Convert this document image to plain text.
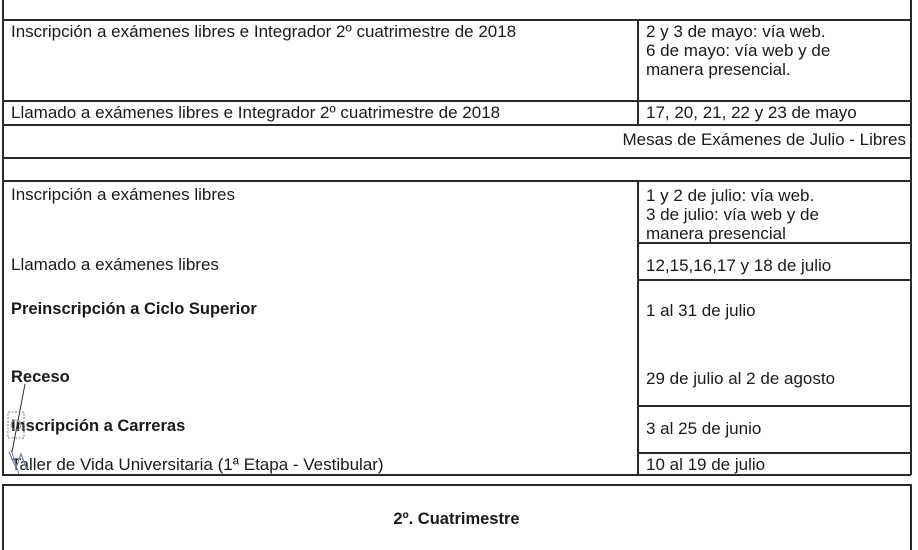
Inscripción a exámenes libres e Integrador 2º cuatrimestre de 2018	2 y 3 de mayo: vía web.
6 de mayo: vía web y de
manera presencial.
Llamado a exámenes libres e Integrador 2º cuatrimestre de 2018	17, 20, 21, 22 y 23 de mayo
Mesas de Exámenes de Julio - Libres
Inscripción a exámenes libres	1 y 2 de julio: vía web.
3 de julio: vía web y de
manera presencial
Llamado a exámenes libres	12,15,16,17 y 18 de julio
Preinscripción a Ciclo Superior	1 al 31 de julio
Receso	29 de julio al 2 de agosto
Inscripción a Carreras	3 al 25 de junio
Taller de Vida Universitaria (1ª Etapa - Vestibular)	10 al 19 de julio
2º. Cuatrimestre
